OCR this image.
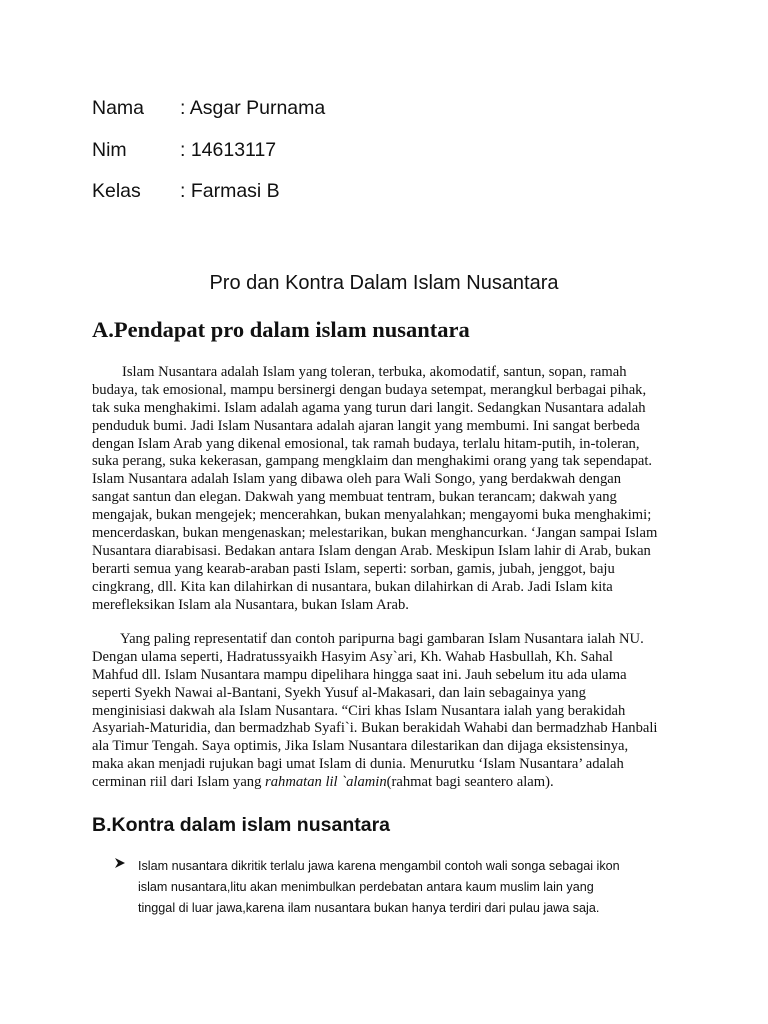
Nama : Asgar Purnama
Nim	: 14613117
Kelas : Farmasi B
Pro dan Kontra Dalam Islam Nusantara
A.Pendapat pro dalam islam nusantara
Islam Nusantara adalah Islam yang toleran, terbuka, akomodatif, santun, sopan, ramah
budaya, tak emosional, mampu bersinergi dengan budaya setempat, merangkul berbagai pihak,
tak suka menghakimi. Islam adalah agama yang turun dari langit. Sedangkan Nusantara adalah
penduduk bumi. Jadi Islam Nusantara adalah ajaran langit yang membumi. Ini sangat berbeda
dengan Islam Arab yang dikenal emosional, tak ramah budaya, terlalu hitam-putih, in-toleran,
suka perang, suka kekerasan, gampang mengklaim dan menghakimi orang yang tak sependapat.
Islam Nusantara adalah Islam yang dibawa oleh para Wali Songo, yang berdakwah dengan
sangat santun dan elegan. Dakwah yang membuat tentram, bukan terancam; dakwah yang
mengajak, bukan mengejek; mencerahkan, bukan menyalahkan; mengayomi buka menghakimi;
mencerdaskan, bukan mengenaskan; melestarikan, bukan menghancurkan. ‘Jangan sampai Islam
Nusantara diarabisasi. Bedakan antara Islam dengan Arab. Meskipun Islam lahir di Arab, bukan
berarti semua yang kearab-araban pasti Islam, seperti: sorban, gamis, jubah, jenggot, baju
cingkrang, dll. Kita kan dilahirkan di nusantara, bukan dilahirkan di Arab. Jadi Islam kita
merefleksikan Islam ala Nusantara, bukan Islam Arab.
Yang paling representatif dan contoh paripurna bagi gambaran Islam Nusantara ialah NU.
Dengan ulama seperti, Hadratussyaikh Hasyim Asy`ari, Kh. Wahab Hasbullah, Kh. Sahal
Mahfud dll. Islam Nusantara mampu dipelihara hingga saat ini. Jauh sebelum itu ada ulama
seperti Syekh Nawai al-Bantani, Syekh Yusuf al-Makasari, dan lain sebagainya yang
menginisiasi dakwah ala Islam Nusantara. “Ciri khas Islam Nusantara ialah yang berakidah
Asyariah-Maturidia, dan bermadzhab Syafi`i. Bukan berakidah Wahabi dan bermadzhab Hanbali
ala Timur Tengah. Saya optimis, Jika Islam Nusantara dilestarikan dan dijaga eksistensinya,
maka akan menjadi rujukan bagi umat Islam di dunia. Menurutku ‘Islam Nusantara’ adalah
cerminan riil dari Islam yang rahmatan lil `alamin(rahmat bagi seantero alam).
B.Kontra dalam islam nusantara
Islam nusantara dikritik terlalu jawa karena mengambil contoh wali songa sebagai ikon
islam nusantara,litu akan menimbulkan perdebatan antara kaum muslim lain yang
tinggal di luar jawa,karena ilam nusantara bukan hanya terdiri dari pulau jawa saja.
